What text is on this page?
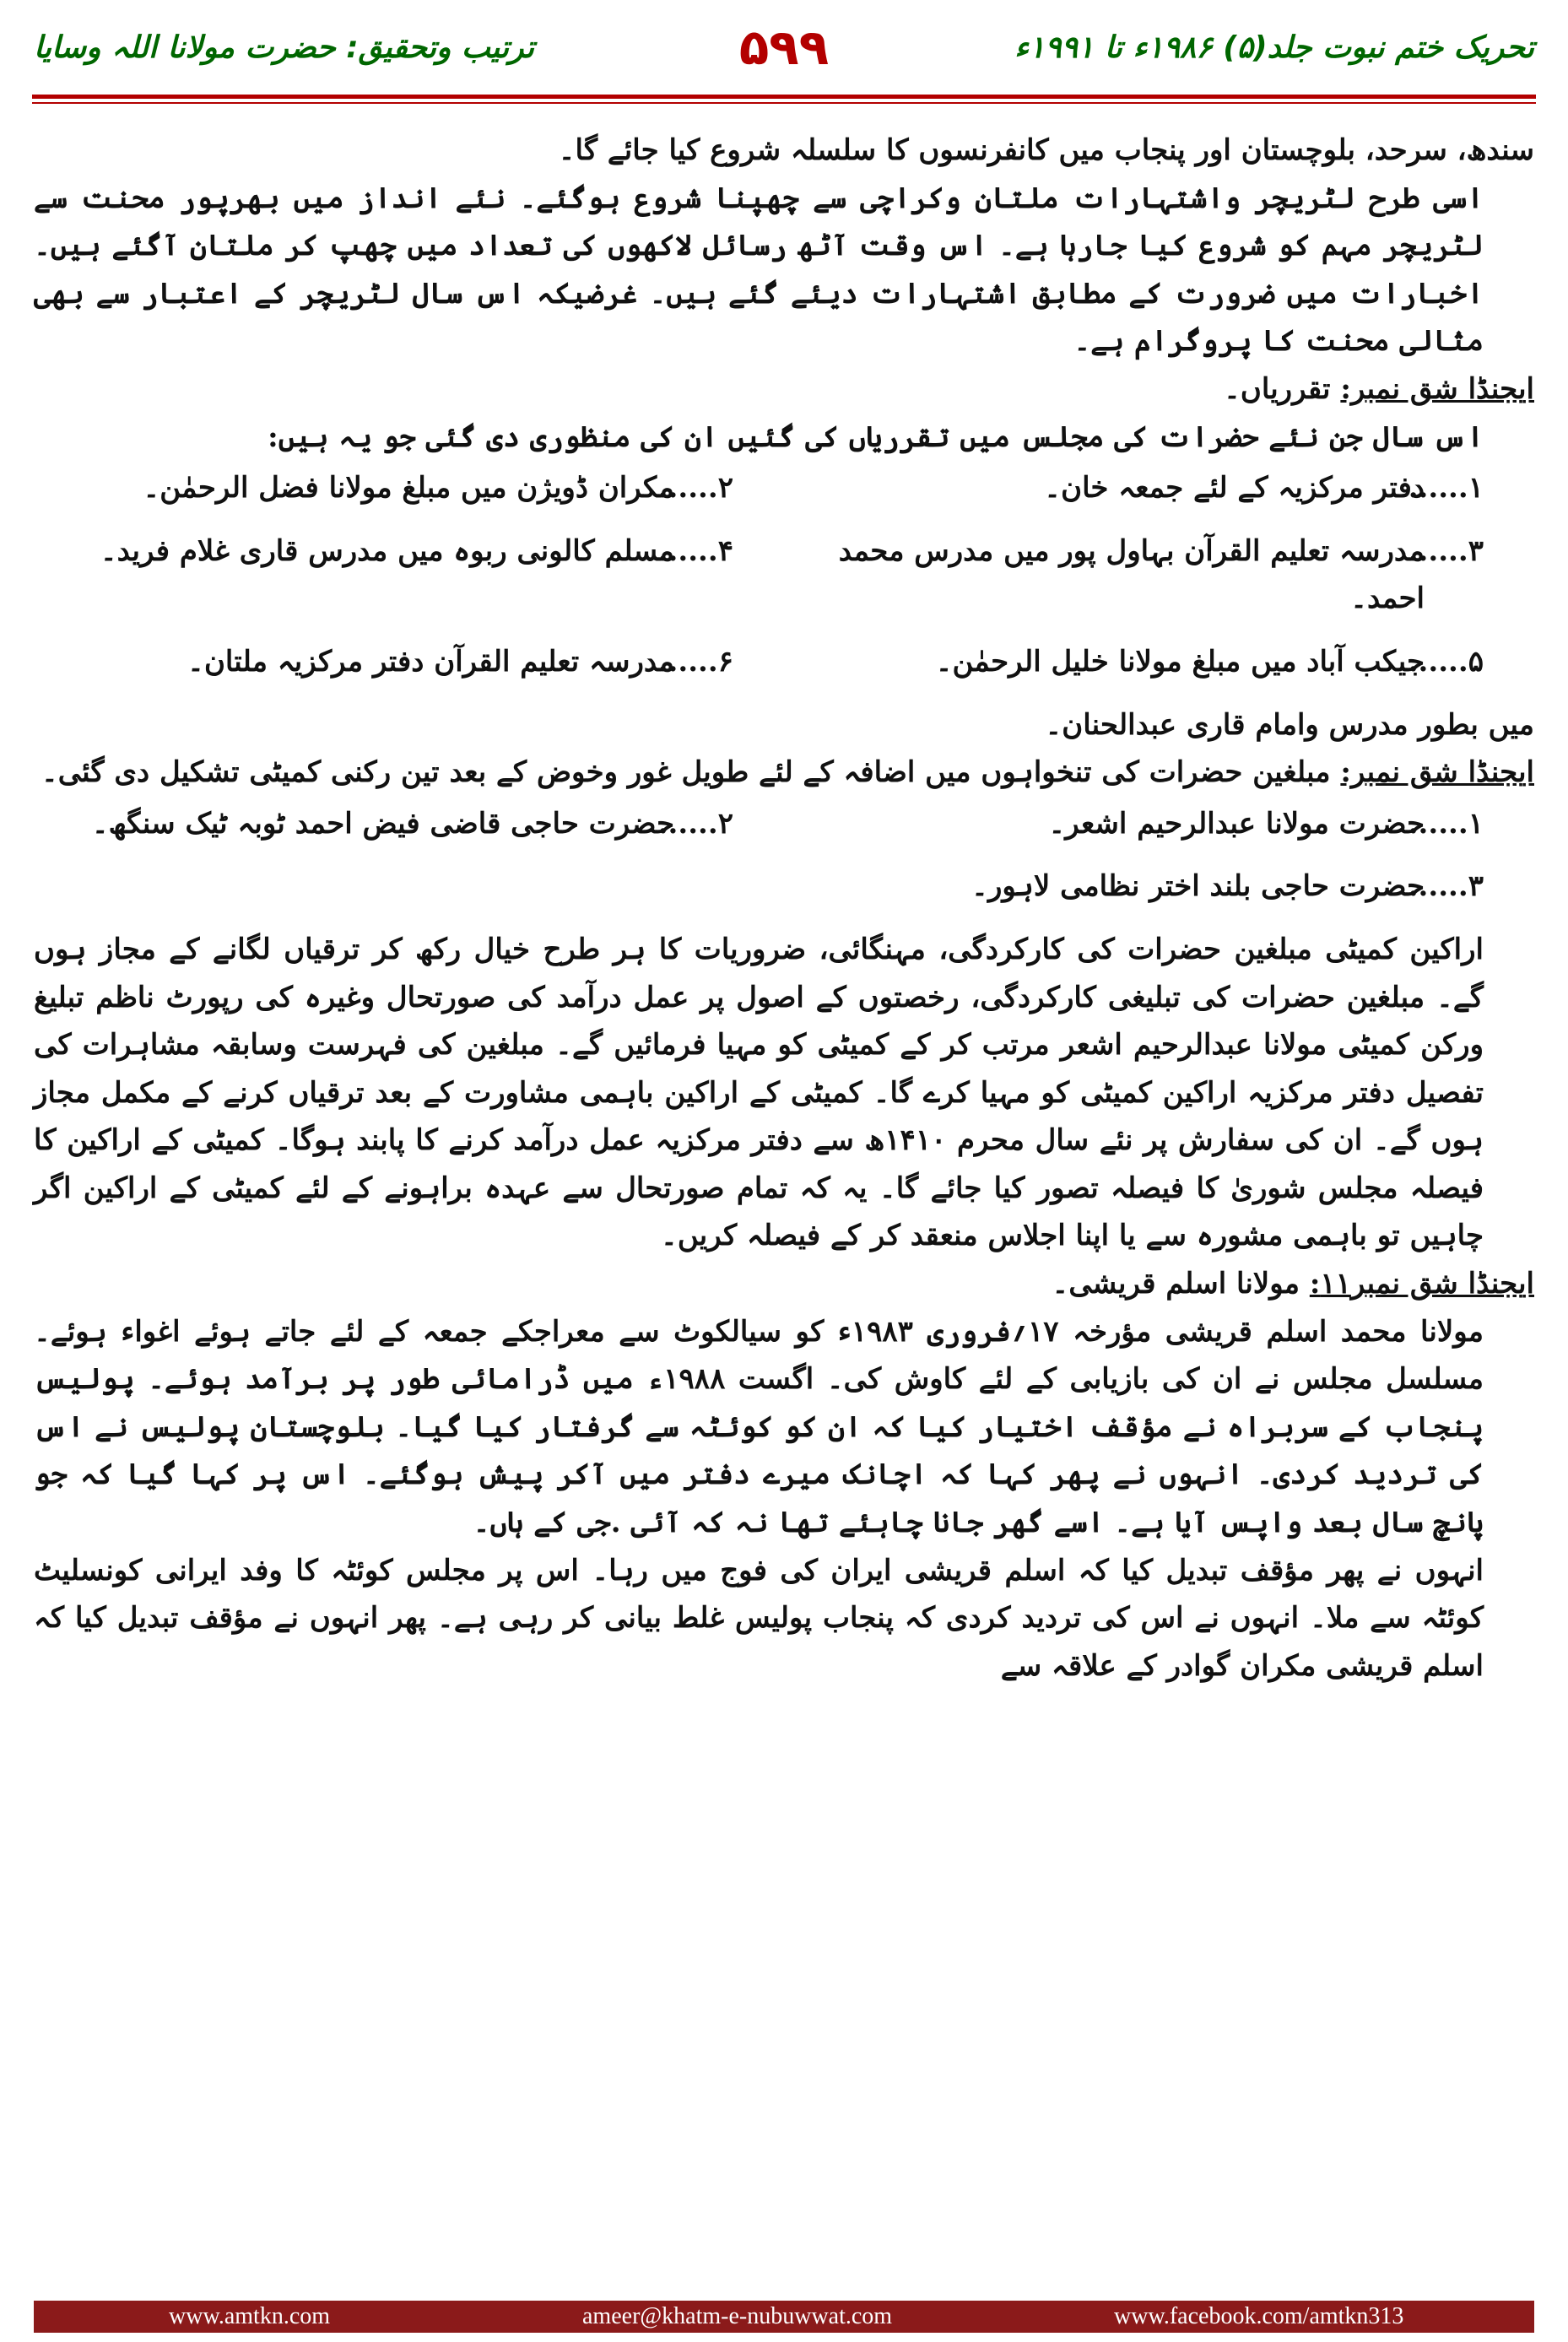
ترتیب وتحقیق: حضرت مولانا اللہ وسایا	۵۹۹	تحریک ختم نبوت جلد(۵) ۱۹۸۶ء تا ۱۹۹۱ء

سندھ، سرحد، بلوچستان اور پنجاب میں کانفرنسوں کا سلسلہ شروع کیا جائے گا۔

اسی طرح لٹریچر واشتہارات ملتان وکراچی سے چھپنا شروع ہوگئے۔ نئے انداز میں بھرپور محنت سے لٹریچر مہم کو شروع کیا جارہا ہے۔ اس وقت آٹھ رسائل لاکھوں کی تعداد میں چھپ کر ملتان آگئے ہیں۔ اخبارات میں ضرورت کے مطابق اشتہارات دیئے گئے ہیں۔ غرضیکہ اس سال لٹریچر کے اعتبار سے بھی مثالی محنت کا پروگرام ہے۔

ایجنڈا شق نمبر: تقرریاں۔

اس سال جن نئے حضرات کی مجلس میں تقرریاں کی گئیں ان کی منظوری دی گئی جو یہ ہیں:

۱......
دفتر مرکزیہ کے لئے جمعہ خان۔
۲......
مکران ڈویژن میں مبلغ مولانا فضل الرحمٰن۔
۳......
مدرسہ تعلیم القرآن بہاول پور میں مدرس محمد احمد۔
۴......
مسلم کالونی ربوہ میں مدرس قاری غلام فرید۔
۵......
جیکب آباد میں مبلغ مولانا خلیل الرحمٰن۔
۶......
مدرسہ تعلیم القرآن دفتر مرکزیہ ملتان۔

میں بطور مدرس وامام قاری عبدالحنان۔

ایجنڈا شق نمبر: مبلغین حضرات کی تنخواہوں میں اضافہ کے لئے طویل غور وخوض کے بعد تین رکنی کمیٹی تشکیل دی گئی۔

۱......
حضرت مولانا عبدالرحیم اشعر۔
۲......
حضرت حاجی قاضی فیض احمد ٹوبہ ٹیک سنگھ۔
۳......
حضرت حاجی بلند اختر نظامی لاہور۔

اراکین کمیٹی مبلغین حضرات کی کارکردگی، مہنگائی، ضروریات کا ہر طرح خیال رکھ کر ترقیاں لگانے کے مجاز ہوں گے۔ مبلغین حضرات کی تبلیغی کارکردگی، رخصتوں کے اصول پر عمل درآمد کی صورتحال وغیرہ کی رپورٹ ناظم تبلیغ ورکن کمیٹی مولانا عبدالرحیم اشعر مرتب کر کے کمیٹی کو مہیا فرمائیں گے۔ مبلغین کی فہرست وسابقہ مشاہرات کی تفصیل دفتر مرکزیہ اراکین کمیٹی کو مہیا کرے گا۔ کمیٹی کے اراکین باہمی مشاورت کے بعد ترقیاں کرنے کے مکمل مجاز ہوں گے۔ ان کی سفارش پر نئے سال محرم ۱۴۱۰ھ سے دفتر مرکزیہ عمل درآمد کرنے کا پابند ہوگا۔ کمیٹی کے اراکین کا فیصلہ مجلس شوریٰ کا فیصلہ تصور کیا جائے گا۔ یہ کہ تمام صورتحال سے عہدہ براہونے کے لئے کمیٹی کے اراکین اگر چاہیں تو باہمی مشورہ سے یا اپنا اجلاس منعقد کر کے فیصلہ کریں۔

ایجنڈا شق نمبر۱۱: مولانا اسلم قریشی۔

مولانا محمد اسلم قریشی مؤرخہ ۱۷؍فروری ۱۹۸۳ء کو سیالکوٹ سے معراجکے جمعہ کے لئے جاتے ہوئے اغواء ہوئے۔ مسلسل مجلس نے ان کی بازیابی کے لئے کاوش کی۔ اگست ۱۹۸۸ء میں ڈرامائی طور پر برآمد ہوئے۔ پولیس پنجاب کے سربراہ نے مؤقف اختیار کیا کہ ان کو کوئٹہ سے گرفتار کیا گیا۔ بلوچستان پولیس نے اس کی تردید کردی۔ انہوں نے پھر کہا کہ اچانک میرے دفتر میں آکر پیش ہوگئے۔ اس پر کہا گیا کہ جو پانچ سال بعد واپس آیا ہے۔ اسے گھر جانا چاہئے تھا نہ کہ آئی .جی کے ہاں۔

انہوں نے پھر مؤقف تبدیل کیا کہ اسلم قریشی ایران کی فوج میں رہا۔ اس پر مجلس کوئٹہ کا وفد ایرانی کونسلیٹ کوئٹہ سے ملا۔ انہوں نے اس کی تردید کردی کہ پنجاب پولیس غلط بیانی کر رہی ہے۔ پھر انہوں نے مؤقف تبدیل کیا کہ اسلم قریشی مکران گوادر کے علاقہ سے

www.amtkn.com	ameer@khatm-e-nubuwwat.com	www.facebook.com/amtkn313
